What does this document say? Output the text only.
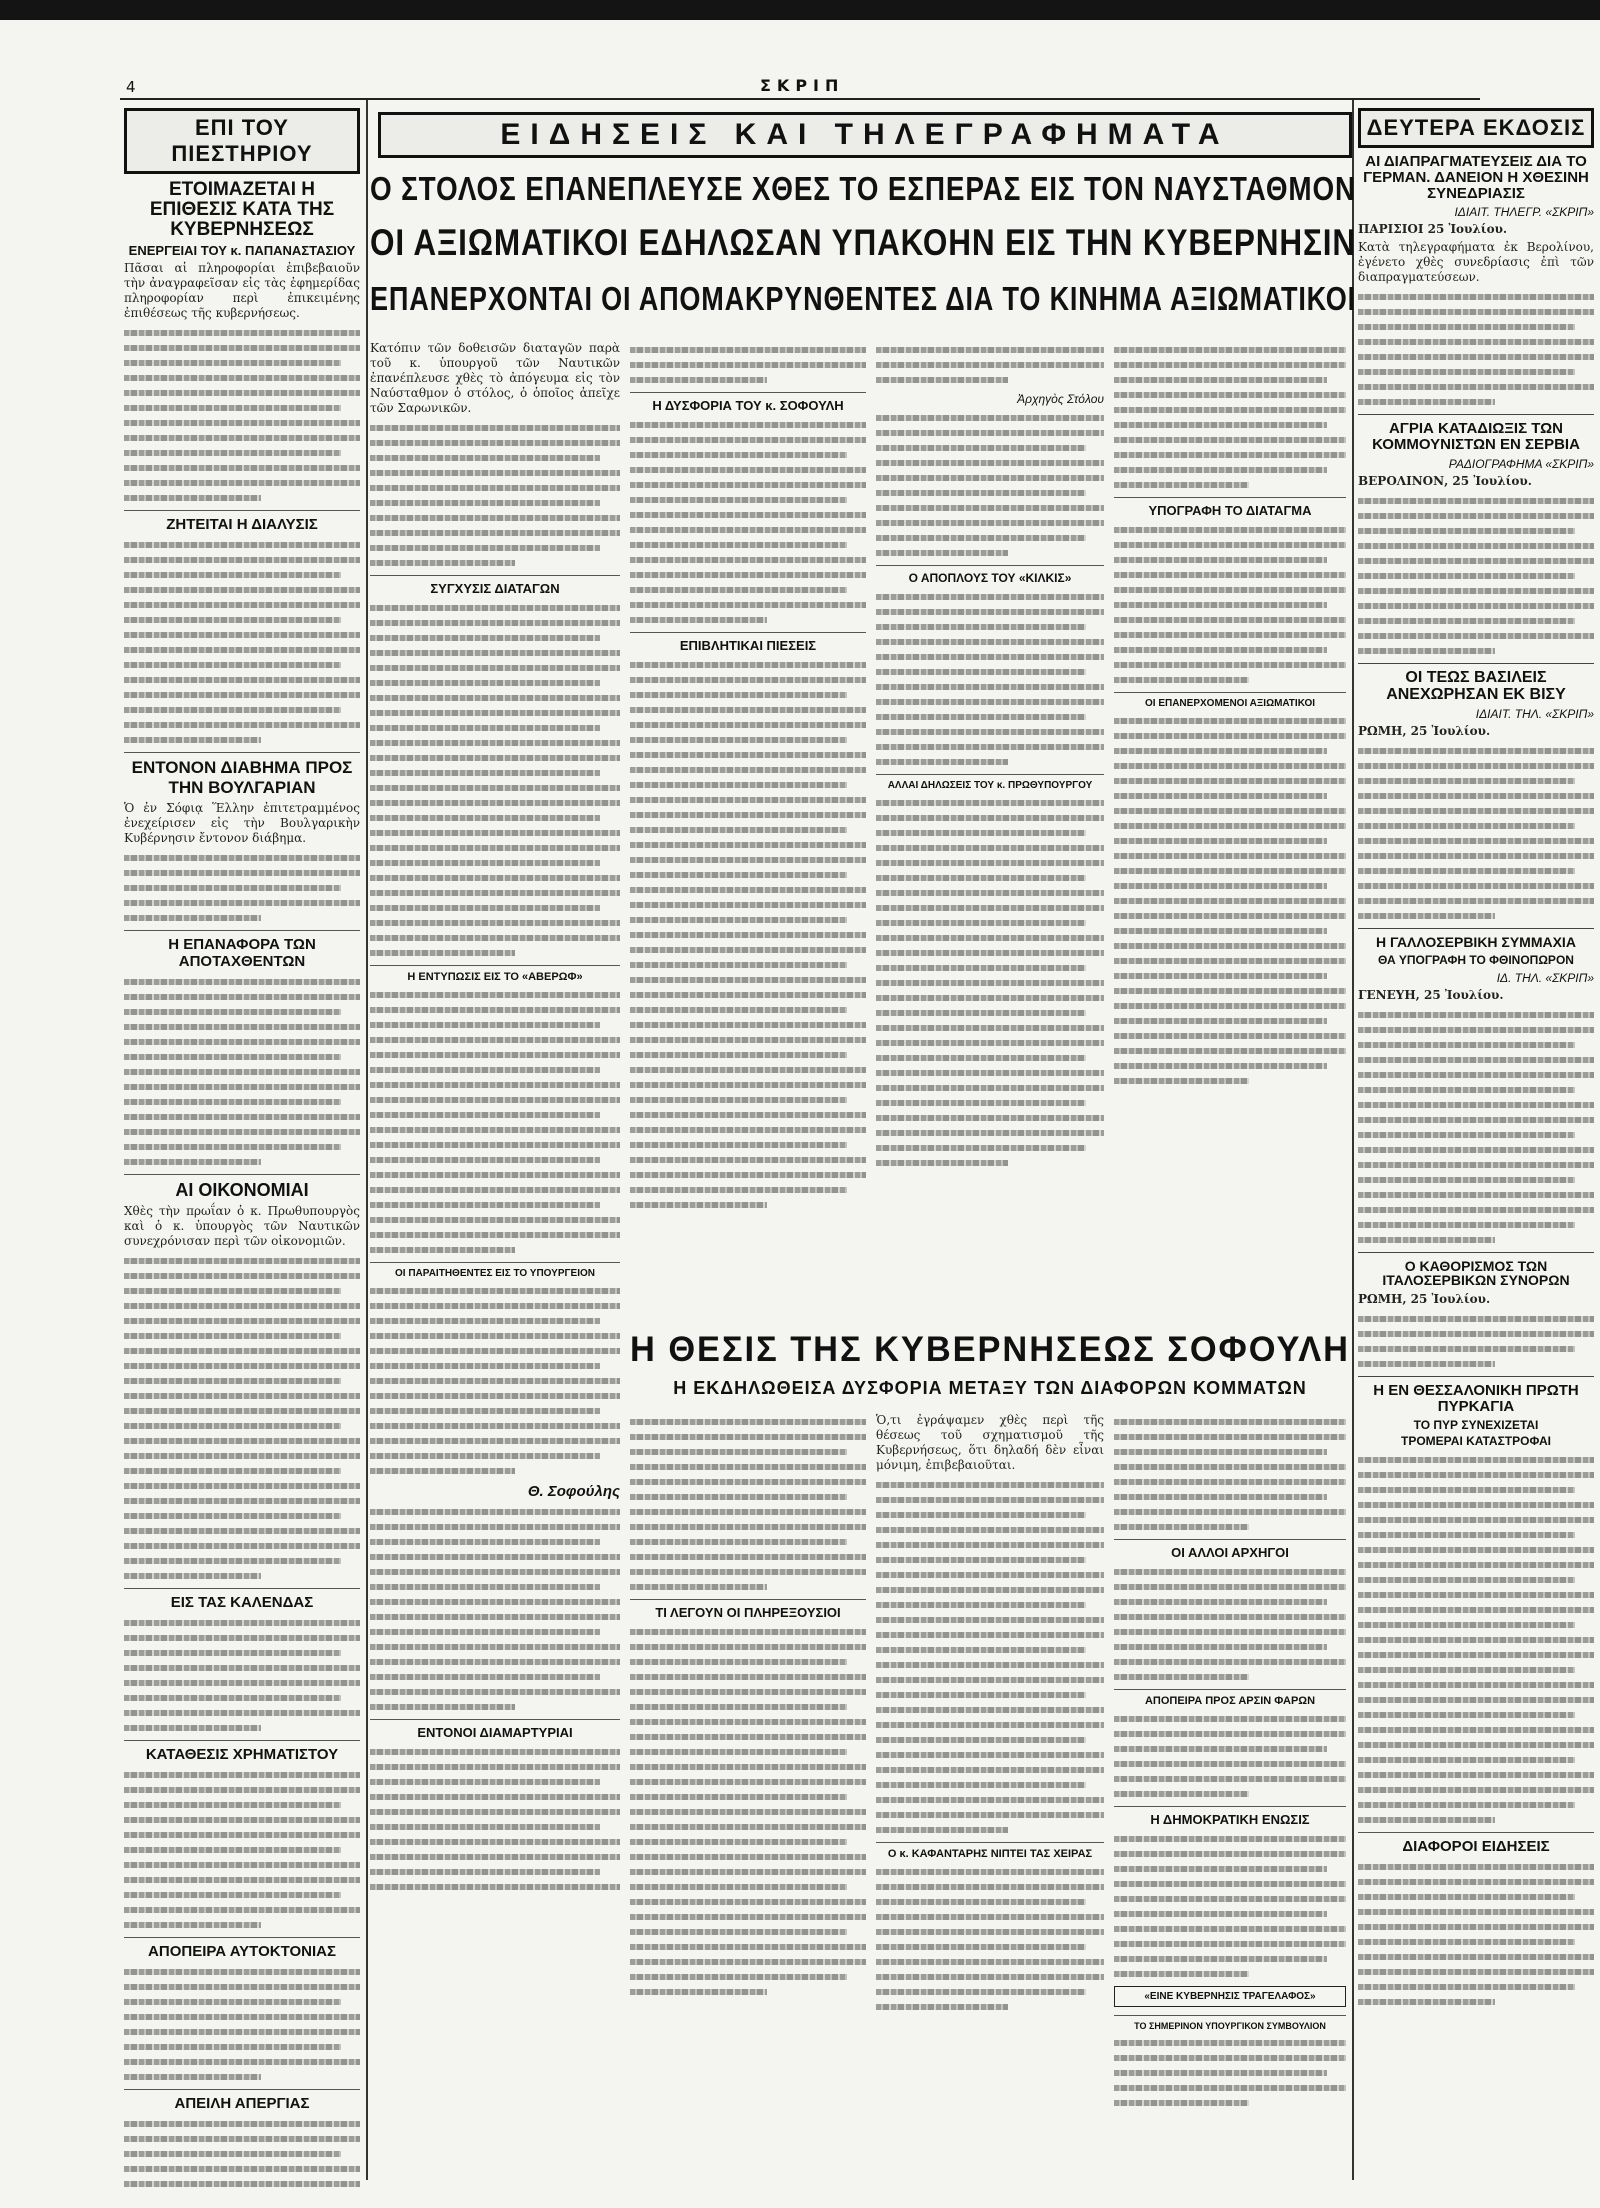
4	ΣΚΡΙΠ
ΕΠΙ ΤΟΥ ΠΙΕΣΤΗΡΙΟΥ
ΕΤΟΙΜΑΖΕΤΑΙ Η ΕΠΙΘΕΣΙΣ ΚΑΤΑ ΤΗΣ ΚΥΒΕΡΝΗΣΕΩΣ
ΕΝΕΡΓΕΙΑΙ ΤΟΥ κ. ΠΑΠΑΝΑΣΤΑΣΙΟΥ

Πᾶσαι αἱ πληροφορίαι ἐπιβεβαιοῦν τὴν ἀναγραφεῖσαν εἰς τὰς ἐφημερίδας πληροφορίαν περὶ ἐπικειμένης ἐπιθέσεως τῆς κυβερνήσεως.

ΖΗΤΕΙΤΑΙ Η ΔΙΑΛΥΣΙΣ
ΕΝΤΟΝΟΝ ΔΙΑΒΗΜΑ ΠΡΟΣ ΤΗΝ ΒΟΥΛΓΑΡΙΑΝ

Ὁ ἐν Σόφιᾳ Ἕλλην ἐπιτετραμμένος ἐνεχείρισεν εἰς τὴν Βουλγαρικὴν Κυβέρνησιν ἔντονον διάβημα.

Η ΕΠΑΝΑΦΟΡΑ ΤΩΝ ΑΠΟΤΑΧΘΕΝΤΩΝ
ΑΙ ΟΙΚΟΝΟΜΙΑΙ

Χθὲς τὴν πρωΐαν ὁ κ. Πρωθυπουργὸς καὶ ὁ κ. ὑπουργὸς τῶν Ναυτικῶν συνεχρόνισαν περὶ τῶν οἰκονομιῶν.

ΕΙΣ ΤΑΣ ΚΑΛΕΝΔΑΣ
ΚΑΤΑΘΕΣΙΣ ΧΡΗΜΑΤΙΣΤΟΥ
ΑΠΟΠΕΙΡΑ ΑΥΤΟΚΤΟΝΙΑΣ
ΑΠΕΙΛΗ ΑΠΕΡΓΙΑΣ
ΕΙΔΗΣΕΙΣ ΚΑΙ ΤΗΛΕΓΡΑΦΗΜΑΤΑ
Ο ΣΤΟΛΟΣ ΕΠΑΝΕΠΛΕΥΣΕ ΧΘΕΣ ΤΟ ΕΣΠΕΡΑΣ ΕΙΣ ΤΟΝ ΝΑΥΣΤΑΘΜΟΝ
ΟΙ ΑΞΙΩΜΑΤΙΚΟΙ ΕΔΗΛΩΣΑΝ ΥΠΑΚΟΗΝ ΕΙΣ ΤΗΝ ΚΥΒΕΡΝΗΣΙΝ
ΕΠΑΝΕΡΧΟΝΤΑΙ ΟΙ ΑΠΟΜΑΚΡΥΝΘΕΝΤΕΣ ΔΙΑ ΤΟ ΚΙΝΗΜΑ ΑΞΙΩΜΑΤΙΚΟΙ

Κατόπιν τῶν δοθεισῶν διαταγῶν παρὰ τοῦ κ. ὑπουργοῦ τῶν Ναυτικῶν ἐπανέπλευσε χθὲς τὸ ἀπόγευμα εἰς τὸν Ναύσταθμον ὁ στόλος, ὁ ὁποῖος ἀπεῖχε τῶν Σαρωνικῶν.

ΣΥΓΧΥΣΙΣ ΔΙΑΤΑΓΩΝ
Η ΕΝΤΥΠΩΣΙΣ ΕΙΣ ΤΟ «ΑΒΕΡΩΦ»
ΟΙ ΠΑΡΑΙΤΗΘΕΝΤΕΣ ΕΙΣ ΤΟ ΥΠΟΥΡΓΕΙΟΝ
Θ. Σοφούλης
ΕΝΤΟΝΟΙ ΔΙΑΜΑΡΤΥΡΙΑΙ
Η ΔΥΣΦΟΡΙΑ ΤΟΥ κ. ΣΟΦΟΥΛΗ
ΕΠΙΒΛΗΤΙΚΑΙ ΠΙΕΣΕΙΣ
Ἀρχηγὸς Στόλου
Ο ΑΠΟΠΛΟΥΣ ΤΟΥ «ΚΙΛΚΙΣ»
ΑΛΛΑΙ ΔΗΛΩΣΕΙΣ ΤΟΥ κ. ΠΡΩΘΥΠΟΥΡΓΟΥ
ΥΠΟΓΡΑΦΗ ΤΟ ΔΙΑΤΑΓΜΑ
ΟΙ ΕΠΑΝΕΡΧΟΜΕΝΟΙ ΑΞΙΩΜΑΤΙΚΟΙ
Η ΘΕΣΙΣ ΤΗΣ ΚΥΒΕΡΝΗΣΕΩΣ ΣΟΦΟΥΛΗ
Η ΕΚΔΗΛΩΘΕΙΣΑ ΔΥΣΦΟΡΙΑ ΜΕΤΑΞΥ ΤΩΝ ΔΙΑΦΟΡΩΝ ΚΟΜΜΑΤΩΝ
ΤΙ ΛΕΓΟΥΝ ΟΙ ΠΛΗΡΕΞΟΥΣΙΟΙ

Ὁ,τι ἐγράψαμεν χθὲς περὶ τῆς θέσεως τοῦ σχηματισμοῦ τῆς Κυβερνήσεως, ὅτι δηλαδή δὲν εἶναι μόνιμη, ἐπιβεβαιοῦται.

Ο κ. ΚΑΦΑΝΤΑΡΗΣ ΝΙΠΤΕΙ ΤΑΣ ΧΕΙΡΑΣ
ΟΙ ΑΛΛΟΙ ΑΡΧΗΓΟΙ
ΑΠΟΠΕΙΡΑ ΠΡΟΣ ΑΡΣΙΝ ΦΑΡΩΝ
Η ΔΗΜΟΚΡΑΤΙΚΗ ΕΝΩΣΙΣ
«ΕΙΝΕ ΚΥΒΕΡΝΗΣΙΣ ΤΡΑΓΕΛΑΦΟΣ»
ΤΟ ΣΗΜΕΡΙΝΟΝ ΥΠΟΥΡΓΙΚΟΝ ΣΥΜΒΟΥΛΙΟΝ
ΔΕΥΤΕΡΑ ΕΚΔΟΣΙΣ
ΑΙ ΔΙΑΠΡΑΓΜΑΤΕΥΣΕΙΣ ΔΙΑ ΤΟ ΓΕΡΜΑΝ. ΔΑΝΕΙΟΝ Η ΧΘΕΣΙΝΗ ΣΥΝΕΔΡΙΑΣΙΣ
ΙΔΙΑΙΤ. ΤΗΛΕΓΡ. «ΣΚΡΙΠ»
ΠΑΡΙΣΙΟΙ 25 Ἰουλίου.

Κατὰ τηλεγραφήματα ἐκ Βερολίνου, ἐγένετο χθὲς συνεδρίασις ἐπὶ τῶν διαπραγματεύσεων.

ΑΓΡΙΑ ΚΑΤΑΔΙΩΞΙΣ ΤΩΝ ΚΟΜΜΟΥΝΙΣΤΩΝ ΕΝ ΣΕΡΒΙΑ
ΡΑΔΙΟΓΡΑΦΗΜΑ «ΣΚΡΙΠ»
ΒΕΡΟΛΙΝΟΝ, 25 Ἰουλίου.
ΟΙ ΤΕΩΣ ΒΑΣΙΛΕΙΣ ΑΝΕΧΩΡΗΣΑΝ ΕΚ ΒΙΣΥ
ΙΔΙΑΙΤ. ΤΗΛ. «ΣΚΡΙΠ»
ΡΩΜΗ, 25 Ἰουλίου.
Η ΓΑΛΛΟΣΕΡΒΙΚΗ ΣΥΜΜΑΧΙΑ
ΘΑ ΥΠΟΓΡΑΦΗ ΤΟ ΦΘΙΝΟΠΩΡΟΝ
ΙΔ. ΤΗΛ. «ΣΚΡΙΠ»
ΓΕΝΕΥΗ, 25 Ἰουλίου.
Ο ΚΑΘΟΡΙΣΜΟΣ ΤΩΝ ΙΤΑΛΟΣΕΡΒΙΚΩΝ ΣΥΝΟΡΩΝ
ΡΩΜΗ, 25 Ἰουλίου.
Η ΕΝ ΘΕΣΣΑΛΟΝΙΚΗ ΠΡΩΤΗ ΠΥΡΚΑΓΙΑ
ΤΟ ΠΥΡ ΣΥΝΕΧΙΖΕΤΑΙ
ΤΡΟΜΕΡΑΙ ΚΑΤΑΣΤΡΟΦΑΙ
ΔΙΑΦΟΡΟΙ ΕΙΔΗΣΕΙΣ
